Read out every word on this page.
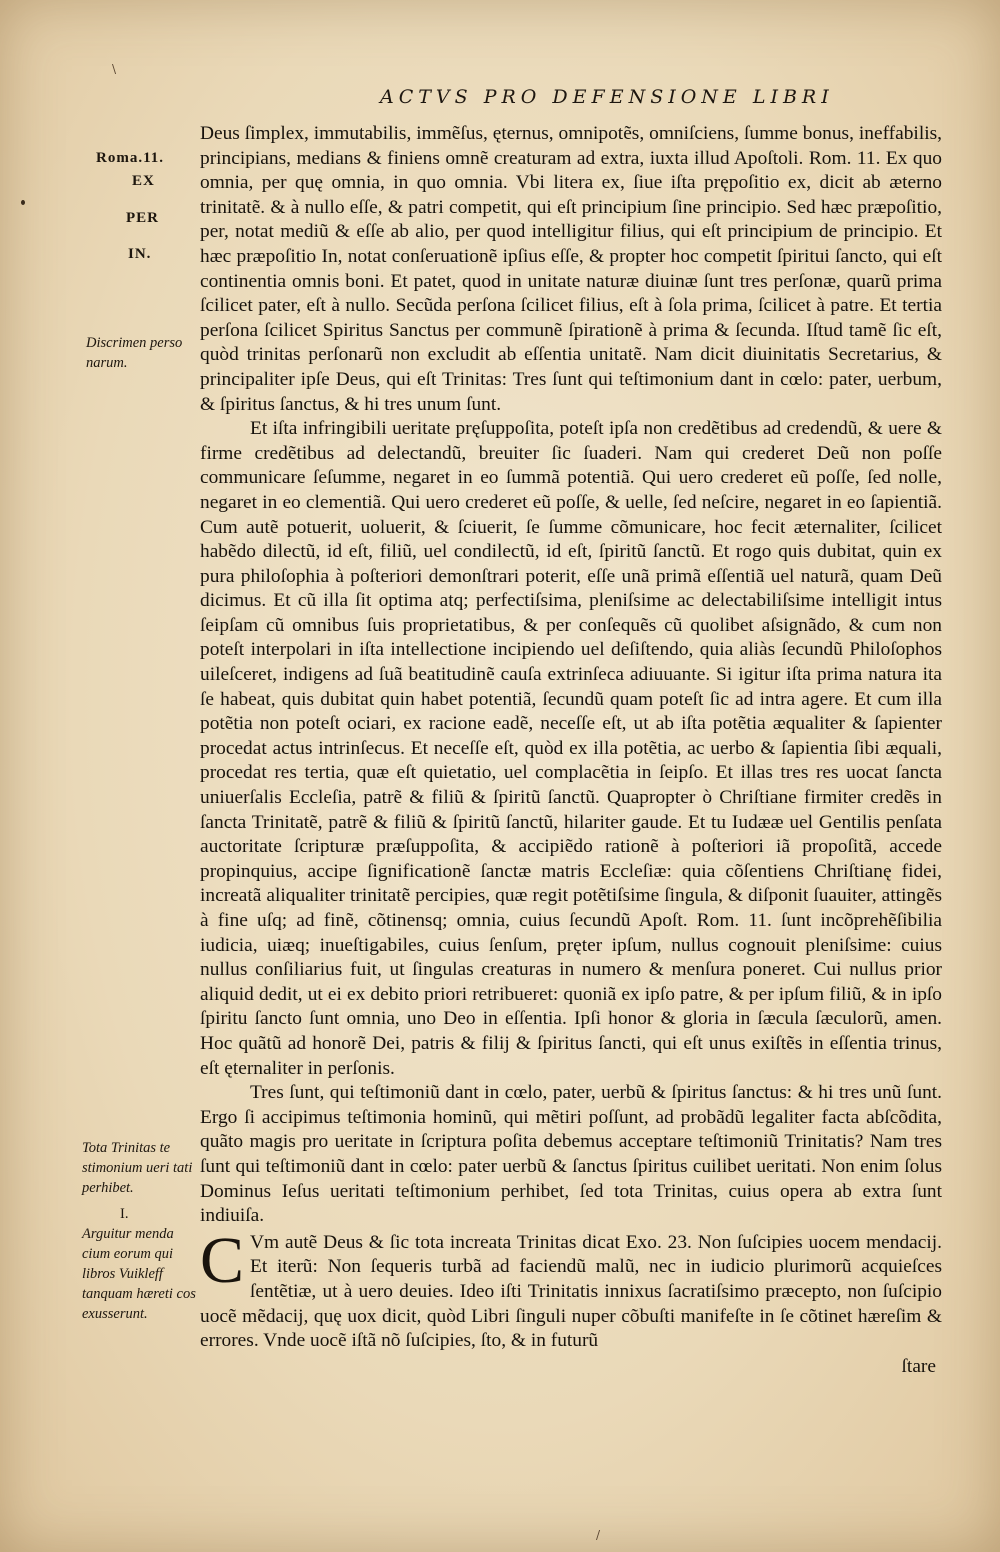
\
/
ACTVS PRO DEFENSIONE LIBRI
Roma.11.
EX
PER
IN.
Discrimen perso narum.
Tota Trinitas te stimonium ueri tati perhibet.
I.
Arguitur menda cium eorum qui libros Vuikleff tanquam hæreti cos exusserunt.

Deus ſimplex, immutabilis, immẽſus, ęternus, omnipotẽs, omniſciens, ſumme bonus, ineffabilis, principians, medians & finiens omnẽ creaturam ad extra, iuxta illud Apoſtoli. Rom. 11. Ex quo omnia, per quę omnia, in quo omnia. Vbi litera ex, ſiue iſta prępoſitio ex, dicit ab æterno trinitatẽ. & à nullo eſſe, & patri competit, qui eſt principium ſine principio. Sed hæc præpoſitio, per, notat mediũ & eſſe ab alio, per quod intelligitur filius, qui eſt principium de principio. Et hæc præpoſitio In, notat conſeruationẽ ipſius eſſe, & propter hoc competit ſpiritui ſancto, qui eſt continentia omnis boni. Et patet, quod in unitate naturæ diuinæ ſunt tres perſonæ, quarũ prima ſcilicet pater, eſt à nullo. Secũda perſona ſcilicet filius, eſt à ſola prima, ſcilicet à patre. Et tertia perſona ſcilicet Spiritus Sanctus per communẽ ſpirationẽ à prima & ſecunda. Iſtud tamẽ ſic eſt, quòd trinitas perſonarũ non excludit ab eſſentia unitatẽ. Nam dicit diuinitatis Secretarius, & principaliter ipſe Deus, qui eſt Trinitas: Tres ſunt qui teſtimonium dant in cœlo: pater, uerbum, & ſpiritus ſanctus, & hi tres unum ſunt.

Et iſta infringibili ueritate pręſuppoſita, poteſt ipſa non credẽtibus ad credendũ, & uere & firme credẽtibus ad delectandũ, breuiter ſic ſuaderi. Nam qui crederet Deũ non poſſe communicare ſeſumme, negaret in eo ſummã potentiã. Qui uero crederet eũ poſſe, ſed nolle, negaret in eo clementiã. Qui uero crederet eũ poſſe, & uelle, ſed neſcire, negaret in eo ſapientiã. Cum autẽ potuerit, uoluerit, & ſciuerit, ſe ſumme cõmunicare, hoc fecit æternaliter, ſcilicet habẽdo dilectũ, id eſt, filiũ, uel condilectũ, id eſt, ſpiritũ ſanctũ. Et rogo quis dubitat, quin ex pura philoſophia à poſteriori demonſtrari poterit, eſſe unã primã eſſentiã uel naturã, quam Deũ dicimus. Et cũ illa ſit optima atq; perfectiſsima, pleniſsime ac delectabiliſsime intelligit intus ſeipſam cũ omnibus ſuis proprietatibus, & per conſequẽs cũ quolibet aſsignãdo, & cum non poteſt interpolari in iſta intellectione incipiendo uel deſiſtendo, quia aliàs ſecundũ Philoſophos uileſceret, indigens ad ſuã beatitudinẽ cauſa extrinſeca adiuuante. Si igitur iſta prima natura ita ſe habeat, quis dubitat quin habet potentiã, ſecundũ quam poteſt ſic ad intra agere. Et cum illa potẽtia non poteſt ociari, ex racione eadẽ, neceſſe eſt, ut ab iſta potẽtia æqualiter & ſapienter procedat actus intrinſecus. Et neceſſe eſt, quòd ex illa potẽtia, ac uerbo & ſapientia ſibi æquali, procedat res tertia, quæ eſt quietatio, uel complacẽtia in ſeipſo. Et illas tres res uocat ſancta uniuerſalis Eccleſia, patrẽ & filiũ & ſpiritũ ſanctũ. Quapropter ò Chriſtiane firmiter credẽs in ſancta Trinitatẽ, patrẽ & filiũ & ſpiritũ ſanctũ, hilariter gaude. Et tu Iudææ uel Gentilis penſata auctoritate ſcripturæ præſuppoſita, & accipiẽdo rationẽ à poſteriori iã propoſitã, accede propinquius, accipe ſignificationẽ ſanctæ matris Eccleſiæ: quia cõſentiens Chriſtianę fidei, increatã aliqualiter trinitatẽ percipies, quæ regit potẽtiſsime ſingula, & diſponit ſuauiter, attingẽs à fine uſq; ad finẽ, cõtinensq; omnia, cuius ſecundũ Apoſt. Rom. 11. ſunt incõprehẽſibilia iudicia, uiæq; inueſtigabiles, cuius ſenſum, pręter ipſum, nullus cognouit pleniſsime: cuius nullus conſiliarius fuit, ut ſingulas creaturas in numero & menſura poneret. Cui nullus prior aliquid dedit, ut ei ex debito priori retribueret: quoniã ex ipſo patre, & per ipſum filiũ, & in ipſo ſpiritu ſancto ſunt omnia, uno Deo in eſſentia. Ipſi honor & gloria in ſæcula ſæculorũ, amen. Hoc quãtũ ad honorẽ Dei, patris & filij & ſpiritus ſancti, qui eſt unus exiſtẽs in eſſentia trinus, eſt ęternaliter in perſonis.

Tres ſunt, qui teſtimoniũ dant in cœlo, pater, uerbũ & ſpiritus ſanctus: & hi tres unũ ſunt. Ergo ſi accipimus teſtimonia hominũ, qui mẽtiri poſſunt, ad probãdũ legaliter facta abſcõdita, quãto magis pro ueritate in ſcriptura poſita debemus acceptare teſtimoniũ Trinitatis? Nam tres ſunt qui teſtimoniũ dant in cœlo: pater uerbũ & ſanctus ſpiritus cuilibet ueritati. Non enim ſolus Dominus Ieſus ueritati teſtimonium perhibet, ſed tota Trinitas, cuius opera ab extra ſunt indiuiſa.

C Vm autẽ Deus & ſic tota increata Trinitas dicat Exo. 23. Non ſuſcipies uocem mendacij. Et iterũ: Non ſequeris turbã ad faciendũ malũ, nec in iudicio plurimorũ acquieſces ſentẽtiæ, ut à uero deuies. Ideo iſti Trinitatis innixus ſacratiſsimo præcepto, non ſuſcipio uocẽ mẽdacij, quę uox dicit, quòd Libri ſinguli nuper cõbuſti manifeſte in ſe cõtinet hæreſim & errores. Vnde uocẽ iſtã nõ ſuſcipies, ſto, & in futurũ

ſtare
